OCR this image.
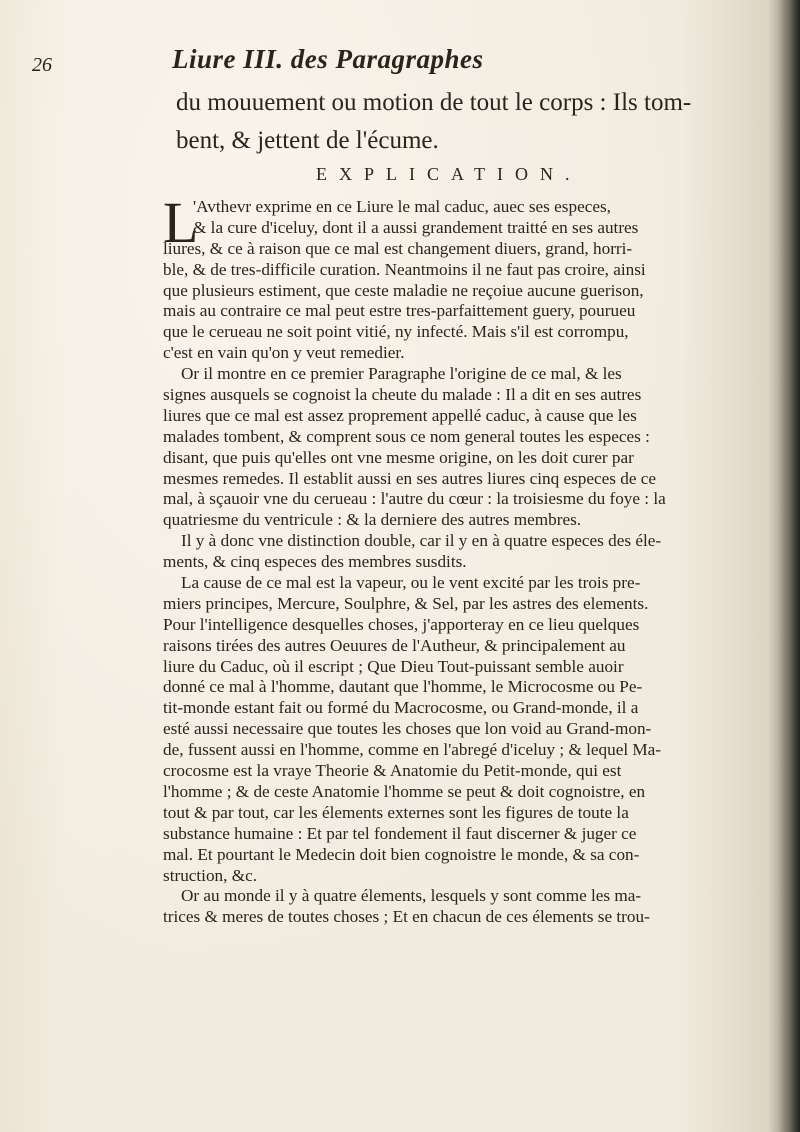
26	Liure III. des Paragraphes
du mouuement ou motion de tout le corps : Ils tom-
bent, & jettent de l'écume.
EXPLICATION.
L
'Avthevr exprime en ce Liure le mal caduc, auec ses especes,
& la cure d'iceluy, dont il a aussi grandement traitté en ses autres
liures, & ce à raison que ce mal est changement diuers, grand, horri-
ble, & de tres-difficile curation. Neantmoins il ne faut pas croire, ainsi
que plusieurs estiment, que ceste maladie ne reçoiue aucune guerison,
mais au contraire ce mal peut estre tres-parfaittement guery, pourueu
que le cerueau ne soit point vitié, ny infecté. Mais s'il est corrompu,
c'est en vain qu'on y veut remedier.
Or il montre en ce premier Paragraphe l'origine de ce mal, & les
signes ausquels se cognoist la cheute du malade : Il a dit en ses autres
liures que ce mal est assez proprement appellé caduc, à cause que les
malades tombent, & comprent sous ce nom general toutes les especes :
disant, que puis qu'elles ont vne mesme origine, on les doit curer par
mesmes remedes. Il establit aussi en ses autres liures cinq especes de ce
mal, à sçauoir vne du cerueau : l'autre du cœur : la troisiesme du foye : la
quatriesme du ventricule : & la derniere des autres membres.
Il y à donc vne distinction double, car il y en à quatre especes des éle-
ments, & cinq especes des membres susdits.
La cause de ce mal est la vapeur, ou le vent excité par les trois pre-
miers principes, Mercure, Soulphre, & Sel, par les astres des elements.
Pour l'intelligence desquelles choses, j'apporteray en ce lieu quelques
raisons tirées des autres Oeuures de l'Autheur, & principalement au
liure du Caduc, où il escript ; Que Dieu Tout-puissant semble auoir
donné ce mal à l'homme, dautant que l'homme, le Microcosme ou Pe-
tit-monde estant fait ou formé du Macrocosme, ou Grand-monde, il a
esté aussi necessaire que toutes les choses que lon void au Grand-mon-
de, fussent aussi en l'homme, comme en l'abregé d'iceluy ; & lequel Ma-
crocosme est la vraye Theorie & Anatomie du Petit-monde, qui est
l'homme ; & de ceste Anatomie l'homme se peut & doit cognoistre, en
tout & par tout, car les élements externes sont les figures de toute la
substance humaine : Et par tel fondement il faut discerner & juger ce
mal. Et pourtant le Medecin doit bien cognoistre le monde, & sa con-
struction, &c.
Or au monde il y à quatre élements, lesquels y sont comme les ma-
trices & meres de toutes choses ; Et en chacun de ces élements se trou-
